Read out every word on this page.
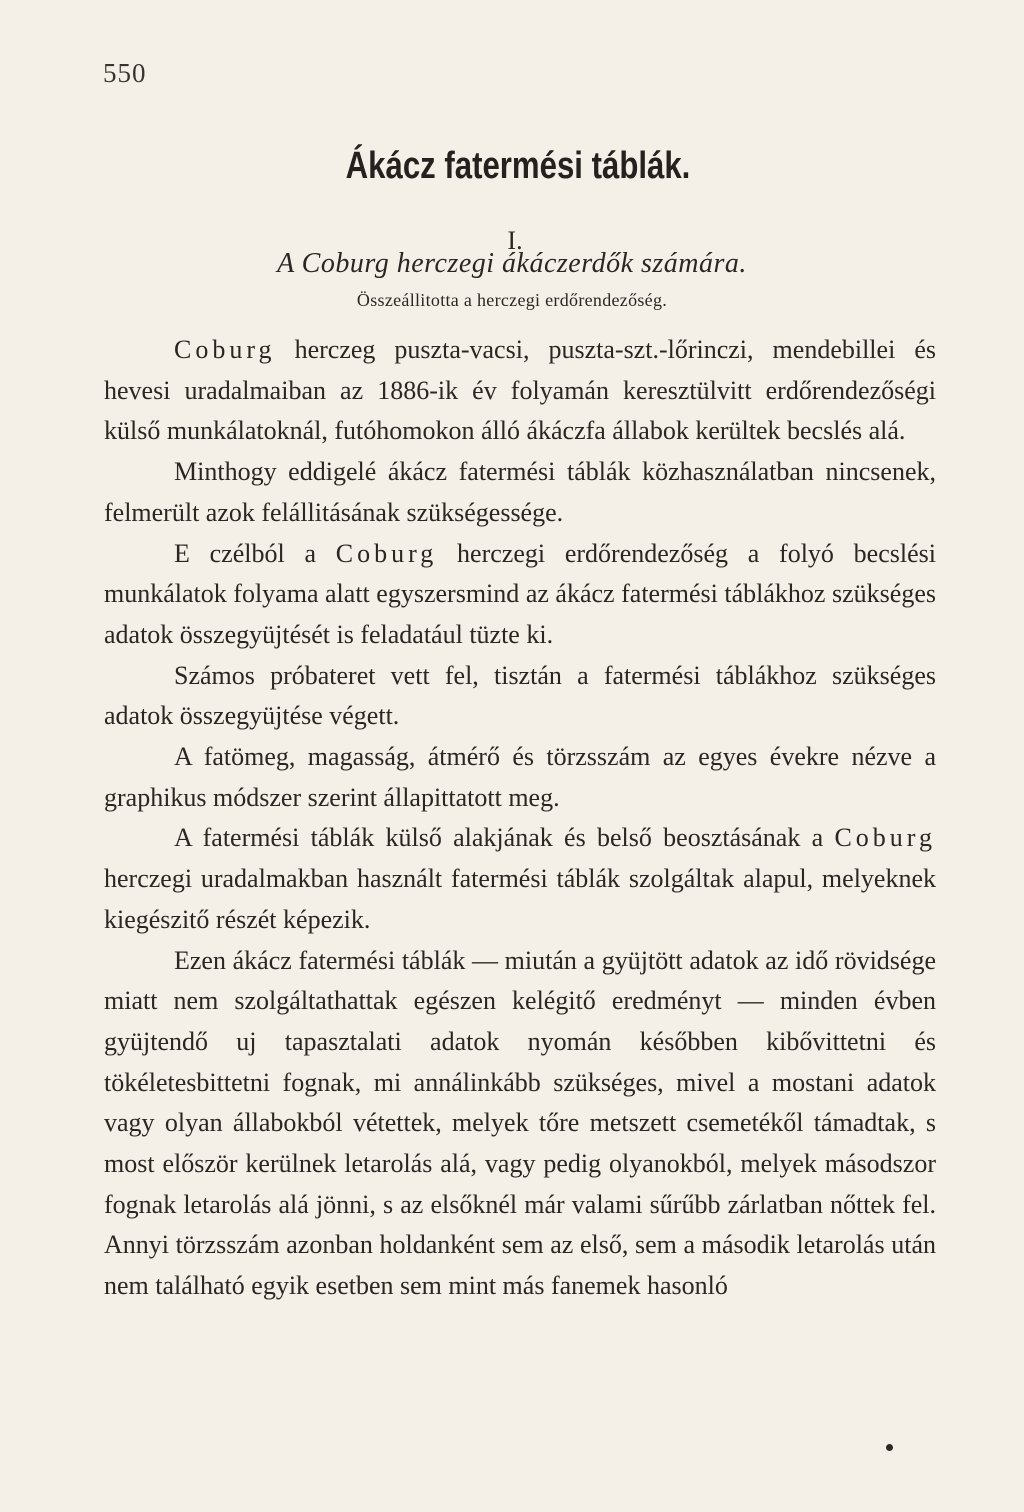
550
Ákácz fatermési táblák.
I.
A Coburg herczegi ákáczerdők számára.
Összeállitotta a herczegi erdőrendezőség.

Coburg herczeg puszta-vacsi, puszta-szt.-lőrinczi, mendebillei és hevesi uradalmaiban az 1886-ik év folyamán keresztülvitt erdőrendezőségi külső munkálatoknál, futóhomokon álló ákáczfa állabok kerültek becslés alá.

Minthogy eddigelé ákácz fatermési táblák közhasználatban nincsenek, felmerült azok felállitásának szükségessége.

E czélból a Coburg herczegi erdőrendezőség a folyó becslési munkálatok folyama alatt egyszersmind az ákácz fatermési táblákhoz szükséges adatok összegyüjtését is feladatául tüzte ki.

Számos próbateret vett fel, tisztán a fatermési táblákhoz szükséges adatok összegyüjtése végett.

A fatömeg, magasság, átmérő és törzsszám az egyes évekre nézve a graphikus módszer szerint állapittatott meg.

A fatermési táblák külső alakjának és belső beosztásának a Coburg herczegi uradalmakban használt fatermési táblák szolgáltak alapul, melyeknek kiegészitő részét képezik.

Ezen ákácz fatermési táblák — miután a gyüjtött adatok az idő rövidsége miatt nem szolgáltathattak egészen kelégitő eredményt — minden évben gyüjtendő uj tapasztalati adatok nyomán későbben kibővittetni és tökéletesbittetni fognak, mi annálinkább szükséges, mivel a mostani adatok vagy olyan állabokból vétettek, melyek tőre metszett csemetékől támadtak, s most először kerülnek letarolás alá, vagy pedig olyanokból, melyek másodszor fognak letarolás alá jönni, s az elsőknél már valami sűrűbb zárlatban nőttek fel. Annyi törzsszám azonban holdanként sem az első, sem a második letarolás után nem található egyik esetben sem mint más fanemek hasonló
